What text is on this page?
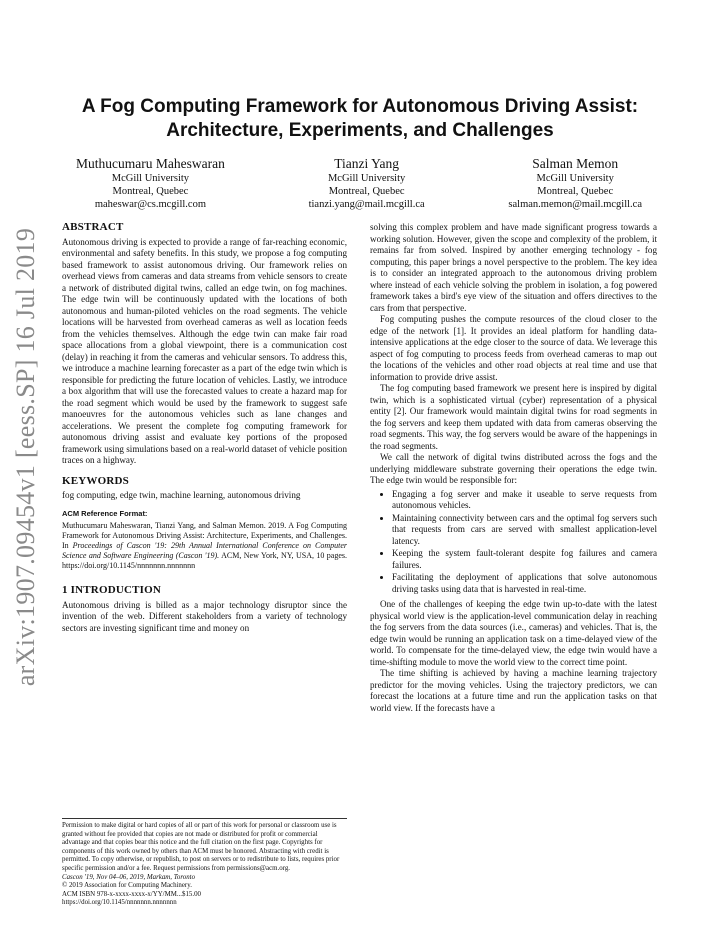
arXiv:1907.09454v1 [eess.SP] 16 Jul 2019
A Fog Computing Framework for Autonomous Driving Assist:
Architecture, Experiments, and Challenges
Muthucumaru Maheswaran
McGill University
Montreal, Quebec
maheswar@cs.mcgill.com
Tianzi Yang
McGill University
Montreal, Quebec
tianzi.yang@mail.mcgill.ca
Salman Memon
McGill University
Montreal, Quebec
salman.memon@mail.mcgill.ca
ABSTRACT

Autonomous driving is expected to provide a range of far-reaching economic, environmental and safety benefits. In this study, we propose a fog computing based framework to assist autonomous driving. Our framework relies on overhead views from cameras and data streams from vehicle sensors to create a network of distributed digital twins, called an edge twin, on fog machines. The edge twin will be continuously updated with the locations of both autonomous and human-piloted vehicles on the road segments. The vehicle locations will be harvested from overhead cameras as well as location feeds from the vehicles themselves. Although the edge twin can make fair road space allocations from a global viewpoint, there is a communication cost (delay) in reaching it from the cameras and vehicular sensors. To address this, we introduce a machine learning forecaster as a part of the edge twin which is responsible for predicting the future location of vehicles. Lastly, we introduce a box algorithm that will use the forecasted values to create a hazard map for the road segment which would be used by the framework to suggest safe manoeuvres for the autonomous vehicles such as lane changes and accelerations. We present the complete fog computing framework for autonomous driving assist and evaluate key portions of the proposed framework using simulations based on a real-world dataset of vehicle position traces on a highway.

KEYWORDS

fog computing, edge twin, machine learning, autonomous driving

ACM Reference Format:

Muthucumaru Maheswaran, Tianzi Yang, and Salman Memon. 2019. A Fog Computing Framework for Autonomous Driving Assist: Architecture, Experiments, and Challenges. In Proceedings of Cascon '19: 29th Annual International Conference on Computer Science and Software Engineering (Cascon '19). ACM, New York, NY, USA, 10 pages. https://doi.org/10.1145/nnnnnnn.nnnnnnn

1 INTRODUCTION

Autonomous driving is billed as a major technology disruptor since the invention of the web. Different stakeholders from a variety of technology sectors are investing significant time and money on

Permission to make digital or hard copies of all or part of this work for personal or classroom use is granted without fee provided that copies are not made or distributed for profit or commercial advantage and that copies bear this notice and the full citation on the first page. Copyrights for components of this work owned by others than ACM must be honored. Abstracting with credit is permitted. To copy otherwise, or republish, to post on servers or to redistribute to lists, requires prior specific permission and/or a fee. Request permissions from permissions@acm.org.
Cascon '19, Nov 04–06, 2019, Markam, Toronto
© 2019 Association for Computing Machinery.
ACM ISBN 978-x-xxxx-xxxx-x/YY/MM...$15.00
https://doi.org/10.1145/nnnnnnn.nnnnnnn

solving this complex problem and have made significant progress towards a working solution. However, given the scope and complexity of the problem, it remains far from solved. Inspired by another emerging technology - fog computing, this paper brings a novel perspective to the problem. The key idea is to consider an integrated approach to the autonomous driving problem where instead of each vehicle solving the problem in isolation, a fog powered framework takes a bird's eye view of the situation and offers directives to the cars from that perspective.

Fog computing pushes the compute resources of the cloud closer to the edge of the network [1]. It provides an ideal platform for handling data-intensive applications at the edge closer to the source of data. We leverage this aspect of fog computing to process feeds from overhead cameras to map out the locations of the vehicles and other road objects at real time and use that information to provide drive assist.

The fog computing based framework we present here is inspired by digital twin, which is a sophisticated virtual (cyber) representation of a physical entity [2]. Our framework would maintain digital twins for road segments in the fog servers and keep them updated with data from cameras observing the road segments. This way, the fog servers would be aware of the happenings in the road segments.

We call the network of digital twins distributed across the fogs and the underlying middleware substrate governing their operations the edge twin. The edge twin would be responsible for:

• Engaging a fog server and make it useable to serve requests from autonomous vehicles.
• Maintaining connectivity between cars and the optimal fog servers such that requests from cars are served with smallest application-level latency.
• Keeping the system fault-tolerant despite fog failures and camera failures.
• Facilitating the deployment of applications that solve autonomous driving tasks using data that is harvested in real-time.

One of the challenges of keeping the edge twin up-to-date with the latest physical world view is the application-level communication delay in reaching the fog servers from the data sources (i.e., cameras) and vehicles. That is, the edge twin would be running an application task on a time-delayed view of the world. To compensate for the time-delayed view, the edge twin would have a time-shifting module to move the world view to the correct time point.

The time shifting is achieved by having a machine learning trajectory predictor for the moving vehicles. Using the trajectory predictors, we can forecast the locations at a future time and run the application tasks on that world view. If the forecasts have a
